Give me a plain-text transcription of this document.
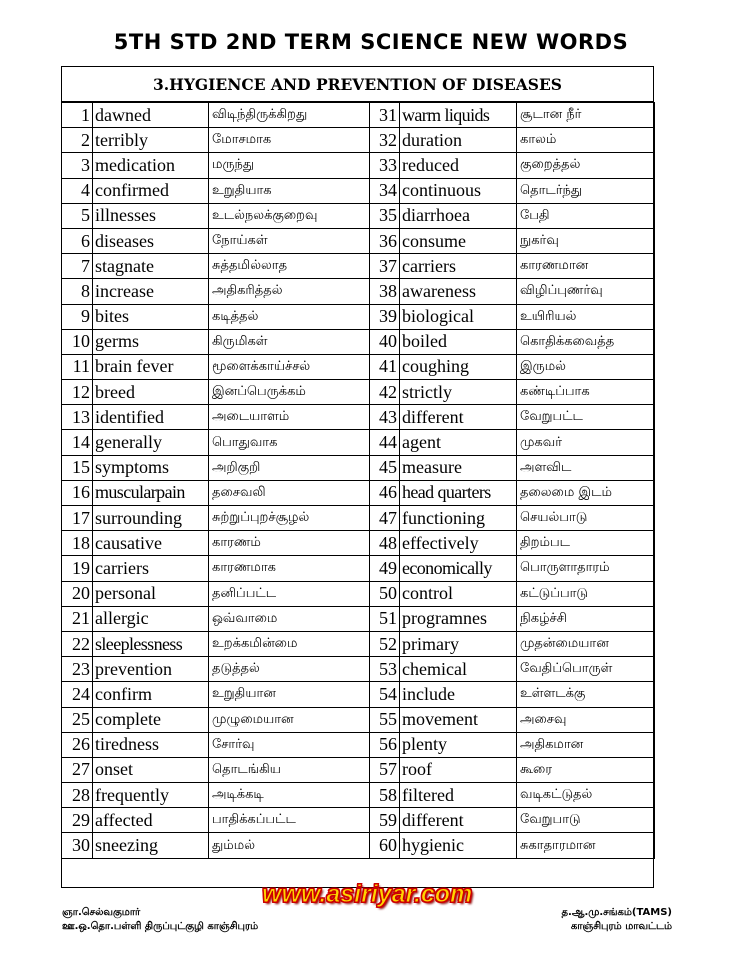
5TH STD 2ND TERM SCIENCE NEW WORDS
3.HYGIENCE AND PREVENTION OF DISEASES
1	dawned	விடிந்திருக்கிறது	31	warm liquids	சூடான நீர்
2	terribly	மோசமாக	32	duration	காலம்
3	medication	மருந்து	33	reduced	குறைத்தல்
4	confirmed	உறுதியாக	34	continuous	தொடர்ந்து
5	illnesses	உடல்நலக்குறைவு	35	diarrhoea	பேதி
6	diseases	நோய்கள்	36	consume	நுகர்வு
7	stagnate	சுத்தமில்லாத	37	carriers	காரணமான
8	increase	அதிகரித்தல்	38	awareness	விழிப்புணர்வு
9	bites	கடித்தல்	39	biological	உயிரியல்
10	germs	கிருமிகள்	40	boiled	கொதிக்கவைத்த
11	brain fever	மூளைக்காய்ச்சல்	41	coughing	இருமல்
12	breed	இனப்பெருக்கம்	42	strictly	கண்டிப்பாக
13	identified	அடையாளம்	43	different	வேறுபட்ட
14	generally	பொதுவாக	44	agent	முகவர்
15	symptoms	அறிகுறி	45	measure	அளவிட
16	muscularpain	தசைவலி	46	head quarters	தலைமை இடம்
17	surrounding	சுற்றுப்புறச்சூழல்	47	functioning	செயல்பாடு
18	causative	காரணம்	48	effectively	திறம்பட
19	carriers	காரணமாக	49	economically	பொருளாதாரம்
20	personal	தனிப்பட்ட	50	control	கட்டுப்பாடு
21	allergic	ஒவ்வாமை	51	programnes	நிகழ்ச்சி
22	sleeplessness	உறக்கமின்மை	52	primary	முதன்மையான
23	prevention	தடுத்தல்	53	chemical	வேதிப்பொருள்
24	confirm	உறுதியான	54	include	உள்ளடக்கு
25	complete	முழுமையான	55	movement	அசைவு
26	tiredness	சோர்வு	56	plenty	அதிகமான
27	onset	தொடங்கிய	57	roof	கூரை
28	frequently	அடிக்கடி	58	filtered	வடிகட்டுதல்
29	affected	பாதிக்கப்பட்ட	59	different	வேறுபாடு
30	sneezing	தும்மல்	60	hygienic	சுகாதாரமான
www.asiriyar.com
ஞா.செல்வகுமார்
ஊ.ஒ.தொ.பள்ளி திருப்புட்குழி காஞ்சிபுரம்
த.ஆ.மு.சங்கம்(TAMS)
காஞ்சிபுரம் மாவட்டம்
